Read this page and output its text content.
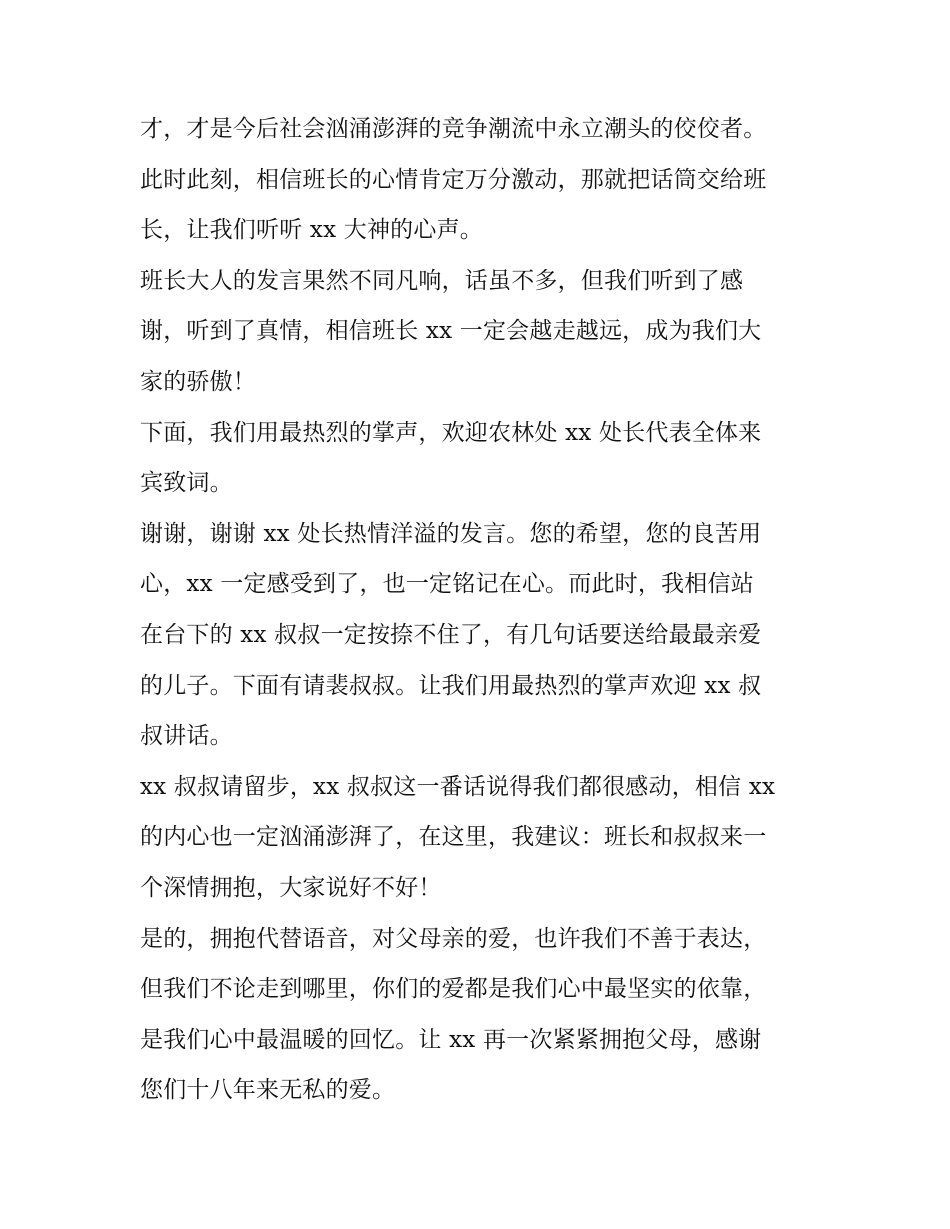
才，才是今后社会汹涌澎湃的竞争潮流中永立潮头的佼佼者。
此时此刻，相信班长的心情肯定万分激动，那就把话筒交给班
长，让我们听听 xx 大神的心声。
班长大人的发言果然不同凡响，话虽不多，但我们听到了感
谢，听到了真情，相信班长 xx 一定会越走越远，成为我们大
家的骄傲！
下面，我们用最热烈的掌声，欢迎农林处 xx 处长代表全体来
宾致词。
谢谢，谢谢 xx 处长热情洋溢的发言。您的希望，您的良苦用
心，xx 一定感受到了，也一定铭记在心。而此时，我相信站
在台下的 xx 叔叔一定按捺不住了，有几句话要送给最最亲爱
的儿子。下面有请裴叔叔。让我们用最热烈的掌声欢迎 xx 叔
叔讲话。
xx 叔叔请留步，xx 叔叔这一番话说得我们都很感动，相信 xx
的内心也一定汹涌澎湃了，在这里，我建议：班长和叔叔来一
个深情拥抱，大家说好不好！
是的，拥抱代替语音，对父母亲的爱，也许我们不善于表达，
但我们不论走到哪里，你们的爱都是我们心中最坚实的依靠，
是我们心中最温暖的回忆。让 xx 再一次紧紧拥抱父母，感谢
您们十八年来无私的爱。
